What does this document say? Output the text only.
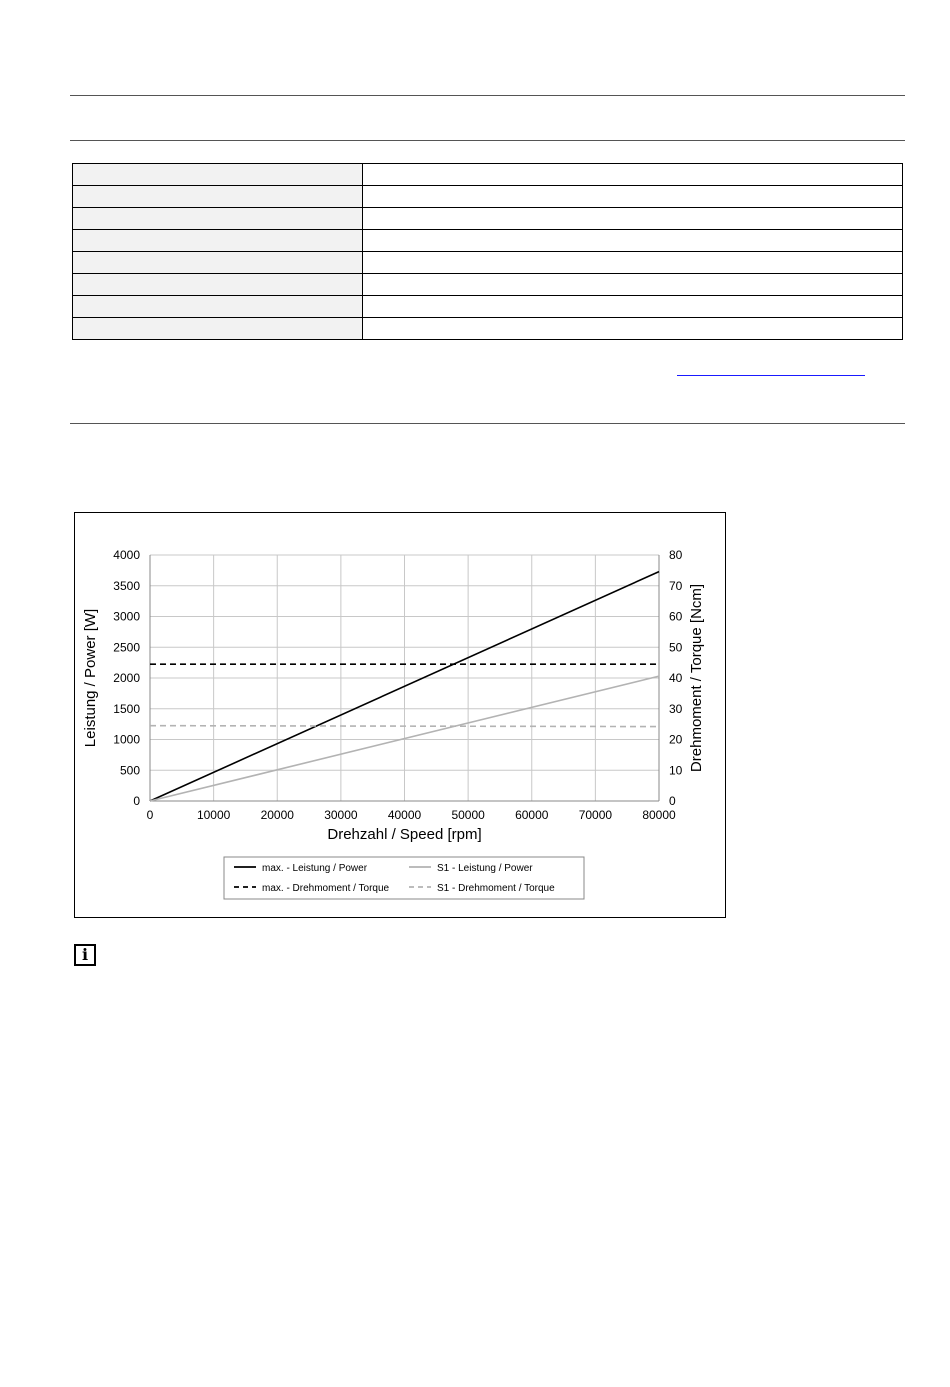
0	10000	20000	30000	40000	50000	60000	70000	80000
0
500
1000
1500
2000
2500
3000
3500
4000
0
10
20
30
40
50
60
70
80
Drehzahl / Speed [rpm]
Leistung / Power [W]	Drehmoment / Torque [Ncm]
max. - Leistung / Power	S1 - Leistung / Power
max. - Drehmoment / Torque	S1 - Drehmoment / Torque
i
